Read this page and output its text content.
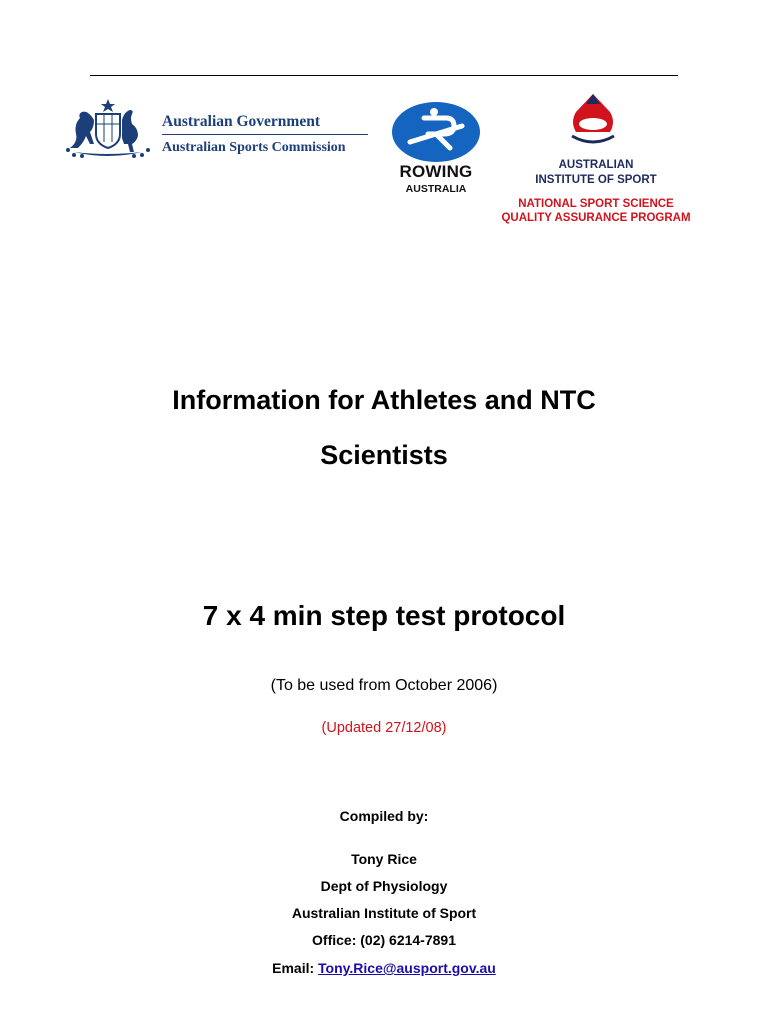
Australian Government
Australian Sports Commission
ROWING
AUSTRALIA
AUSTRALIAN
INSTITUTE OF SPORT
NATIONAL SPORT SCIENCE
QUALITY ASSURANCE PROGRAM
Information for Athletes and NTC
Scientists
7 x 4 min step test protocol
(To be used from October 2006)
(Updated 27/12/08)
Compiled by:
Tony Rice
Dept of Physiology
Australian Institute of Sport
Office: (02) 6214-7891
Email: Tony.Rice@ausport.gov.au
